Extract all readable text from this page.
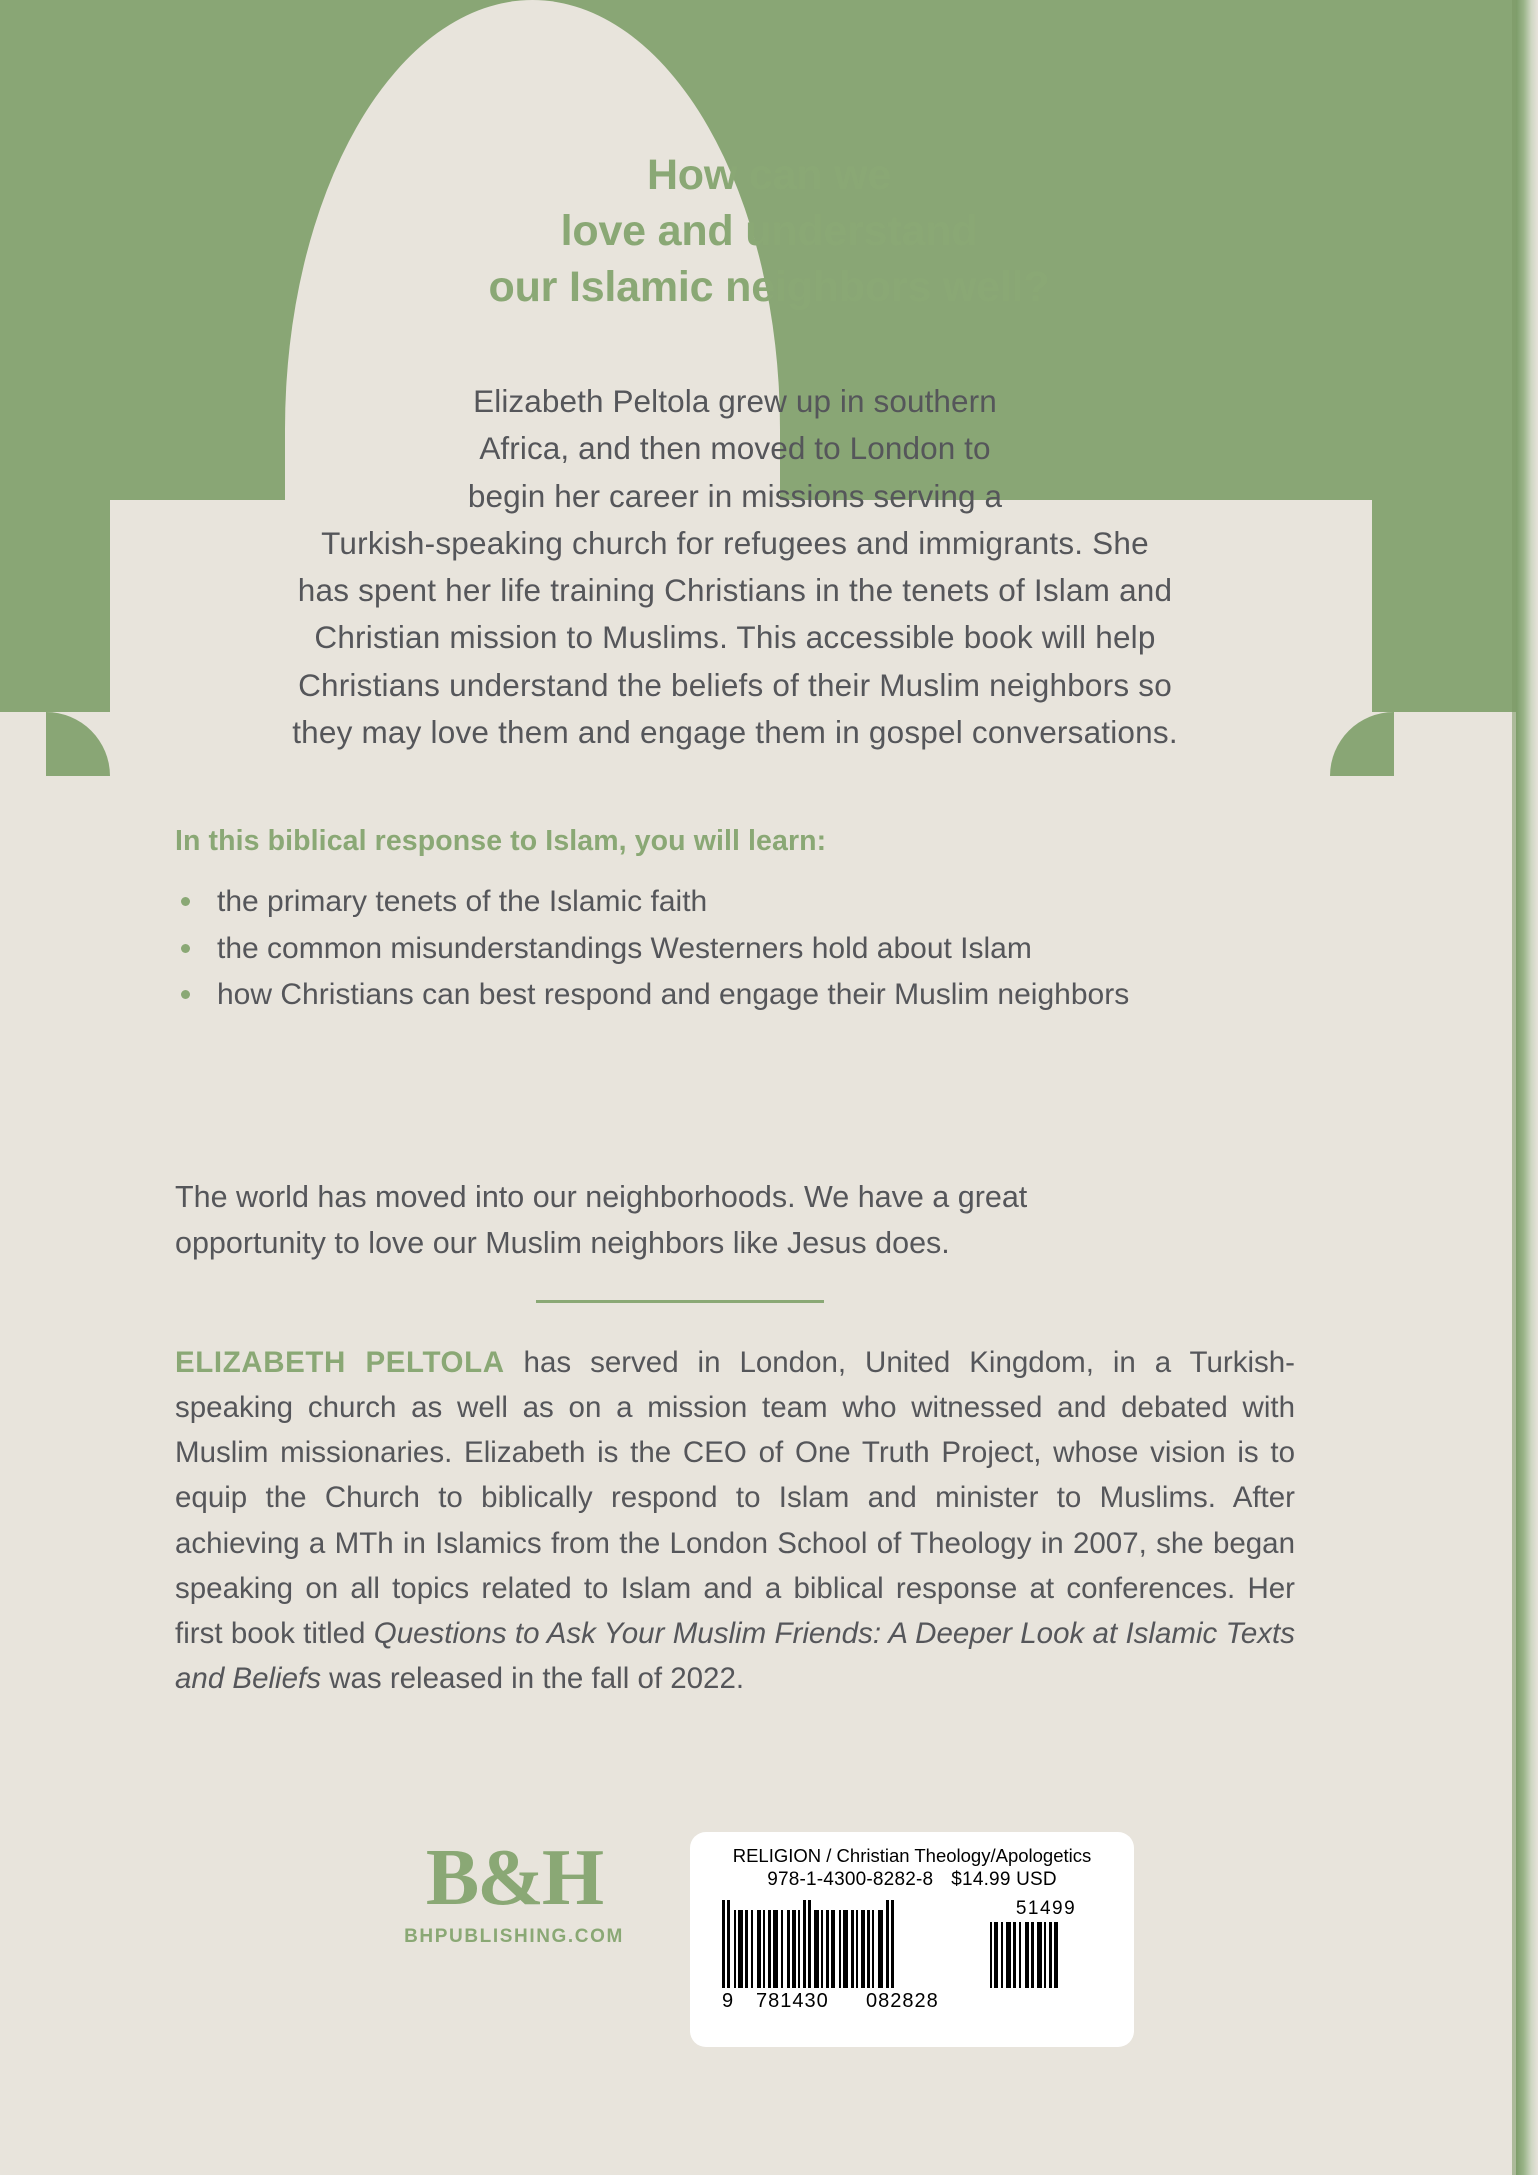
How can we
love and understand
our Islamic neighbors well?
Elizabeth Peltola grew up in southern
Africa, and then moved to London to
begin her career in missions serving a
Turkish-speaking church for refugees and immigrants. She
has spent her life training Christians in the tenets of Islam and
Christian mission to Muslims. This accessible book will help
Christians understand the beliefs of their Muslim neighbors so
they may love them and engage them in gospel conversations.
In this biblical response to Islam, you will learn:
the primary tenets of the Islamic faith
the common misunderstandings Westerners hold about Islam
how Christians can best respond and engage their Muslim neighbors
The world has moved into our neighborhoods. We have a great
opportunity to love our Muslim neighbors like Jesus does.
ELIZABETH PELTOLA has served in London, United Kingdom, in a Turkish-speaking church as well as on a mission team who witnessed and debated with Muslim missionaries. Elizabeth is the CEO of One Truth Project, whose vision is to equip the Church to biblically respond to Islam and minister to Muslims. After achieving a MTh in Islamics from the London School of Theology in 2007, she began speaking on all topics related to Islam and a biblical response at conferences. Her first book titled Questions to Ask Your Muslim Friends: A Deeper Look at Islamic Texts and Beliefs was released in the fall of 2022.
B&H
BHPUBLISHING.COM
RELIGION / Christian Theology/Apologetics
978-1-4300-8282-8 $14.99 USD
51499
9 781430 082828
